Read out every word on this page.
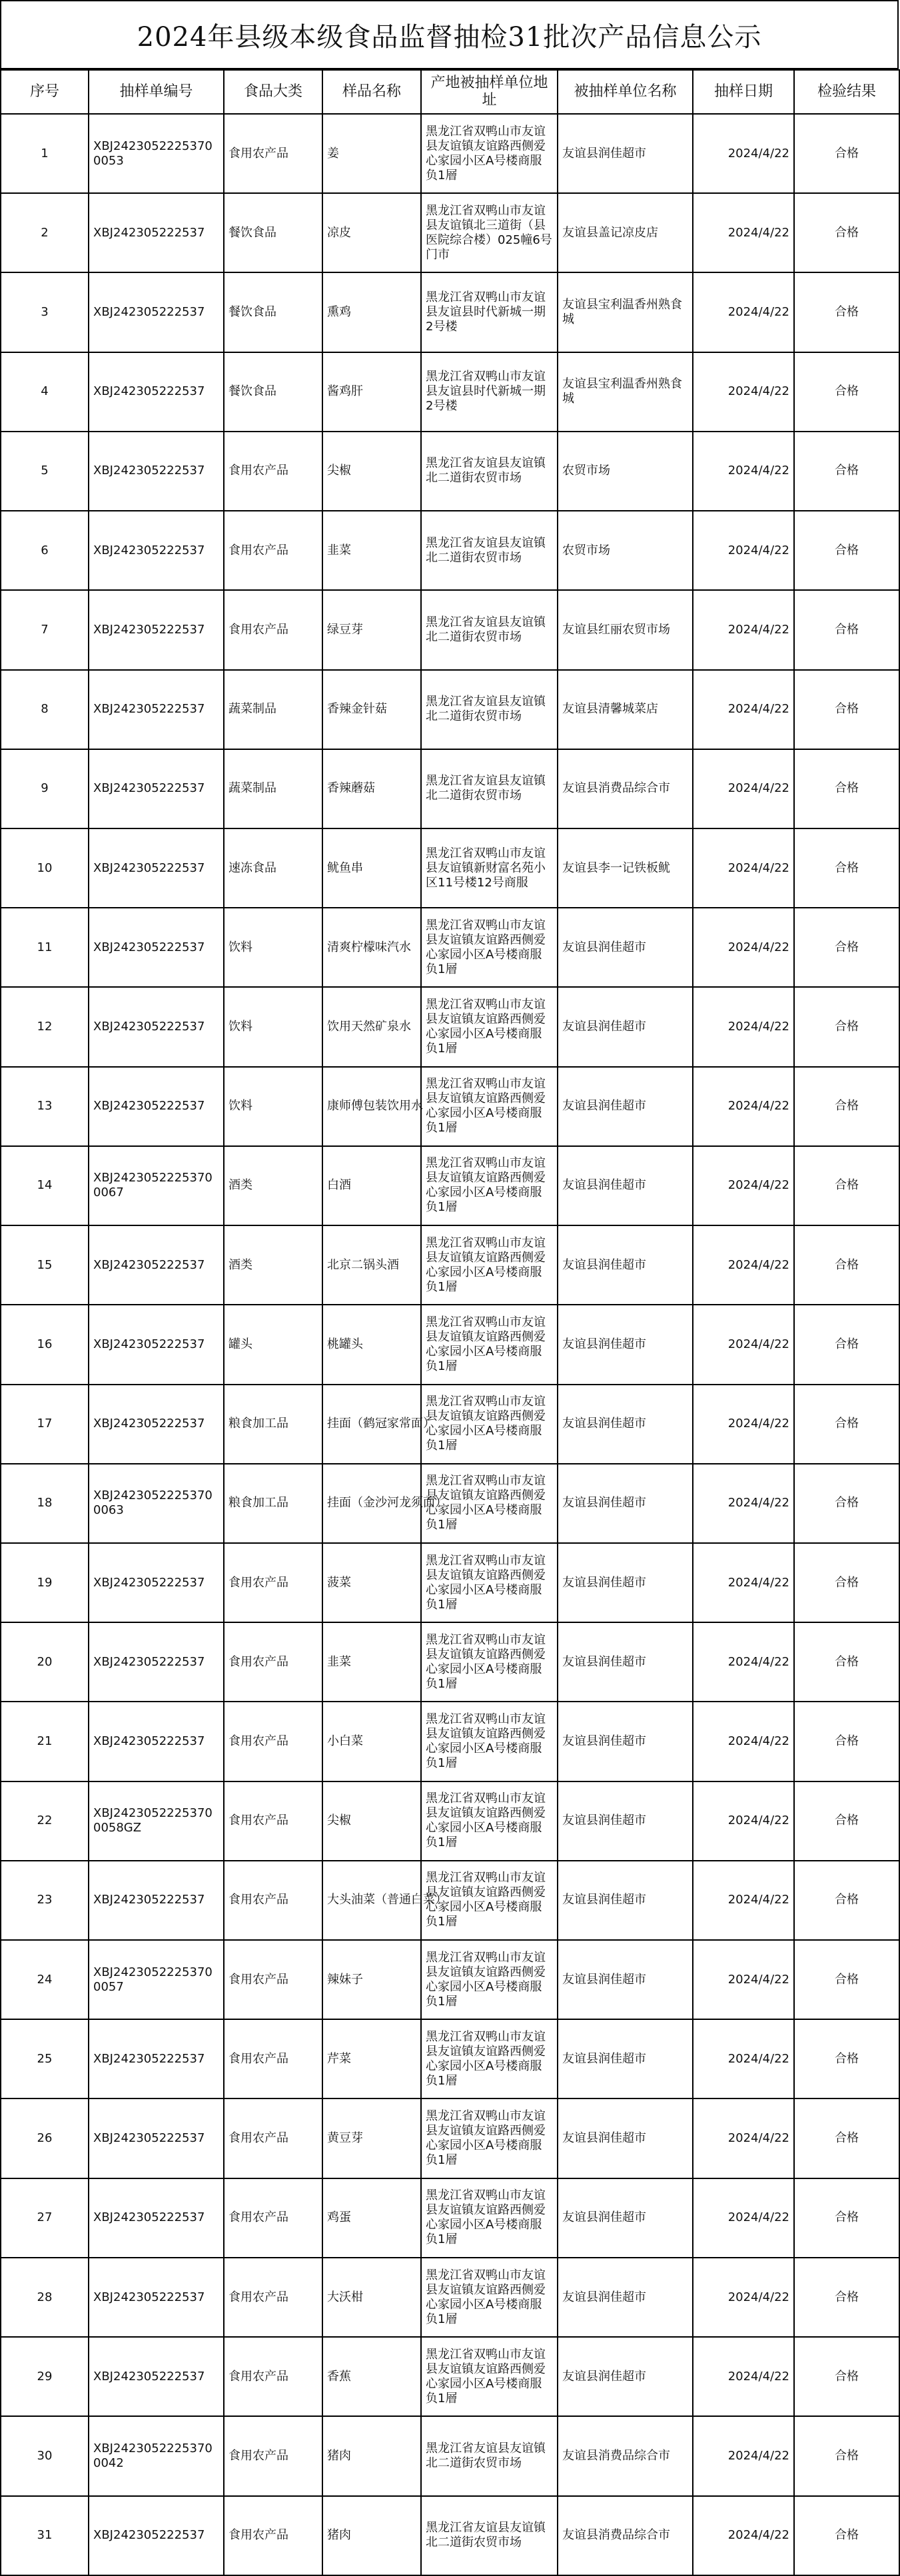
2024年县级本级食品监督抽检31批次产品信息公示
序号	抽样单编号	食品大类	样品名称	产地被抽样单位地址	被抽样单位名称	抽样日期	检验结果
1	XBJ2423052225370 0053	食用农产品	姜	黑龙江省双鸭山市友谊县友谊镇友谊路西侧爱心家园小区A号楼商服负1層	友谊县润佳超市	2024/4/22	合格
2	XBJ242305222537	餐饮食品	凉皮	黑龙江省双鸭山市友谊县友谊镇北三道街（县医院综合楼）025幢6号门市	友谊县盖记凉皮店	2024/4/22	合格
3	XBJ242305222537	餐饮食品	熏鸡	黑龙江省双鸭山市友谊县友谊县时代新城一期2号楼	友谊县宝利温香州熟食城	2024/4/22	合格
4	XBJ242305222537	餐饮食品	酱鸡肝	黑龙江省双鸭山市友谊县友谊县时代新城一期2号楼	友谊县宝利温香州熟食城	2024/4/22	合格
5	XBJ242305222537	食用农产品	尖椒	黑龙江省友谊县友谊镇北二道街农贸市场	农贸市场	2024/4/22	合格
6	XBJ242305222537	食用农产品	韭菜	黑龙江省友谊县友谊镇北二道街农贸市场	农贸市场	2024/4/22	合格
7	XBJ242305222537	食用农产品	绿豆芽	黑龙江省友谊县友谊镇北二道街农贸市场	友谊县红丽农贸市场	2024/4/22	合格
8	XBJ242305222537	蔬菜制品	香辣金针菇	黑龙江省友谊县友谊镇北二道街农贸市场	友谊县清馨城菜店	2024/4/22	合格
9	XBJ242305222537	蔬菜制品	香辣蘑菇	黑龙江省友谊县友谊镇北二道街农贸市场	友谊县消费品综合市	2024/4/22	合格
10	XBJ242305222537	速冻食品	鱿鱼串	黑龙江省双鸭山市友谊县友谊镇新财富名苑小区11号楼12号商服	友谊县李一记铁板鱿	2024/4/22	合格
11	XBJ242305222537	饮料	清爽柠檬味汽水	黑龙江省双鸭山市友谊县友谊镇友谊路西侧爱心家园小区A号楼商服负1層	友谊县润佳超市	2024/4/22	合格
12	XBJ242305222537	饮料	饮用天然矿泉水	黑龙江省双鸭山市友谊县友谊镇友谊路西侧爱心家园小区A号楼商服负1層	友谊县润佳超市	2024/4/22	合格
13	XBJ242305222537	饮料	康师傅包装饮用水	黑龙江省双鸭山市友谊县友谊镇友谊路西侧爱心家园小区A号楼商服负1層	友谊县润佳超市	2024/4/22	合格
14	XBJ2423052225370 0067	酒类	白酒	黑龙江省双鸭山市友谊县友谊镇友谊路西侧爱心家园小区A号楼商服负1層	友谊县润佳超市	2024/4/22	合格
15	XBJ242305222537	酒类	北京二锅头酒	黑龙江省双鸭山市友谊县友谊镇友谊路西侧爱心家园小区A号楼商服负1層	友谊县润佳超市	2024/4/22	合格
16	XBJ242305222537	罐头	桃罐头	黑龙江省双鸭山市友谊县友谊镇友谊路西侧爱心家园小区A号楼商服负1層	友谊县润佳超市	2024/4/22	合格
17	XBJ242305222537	粮食加工品	挂面（鹤冠家常面）	黑龙江省双鸭山市友谊县友谊镇友谊路西侧爱心家园小区A号楼商服负1層	友谊县润佳超市	2024/4/22	合格
18	XBJ2423052225370 0063	粮食加工品	挂面（金沙河龙须面）	黑龙江省双鸭山市友谊县友谊镇友谊路西侧爱心家园小区A号楼商服负1層	友谊县润佳超市	2024/4/22	合格
19	XBJ242305222537	食用农产品	菠菜	黑龙江省双鸭山市友谊县友谊镇友谊路西侧爱心家园小区A号楼商服负1層	友谊县润佳超市	2024/4/22	合格
20	XBJ242305222537	食用农产品	韭菜	黑龙江省双鸭山市友谊县友谊镇友谊路西侧爱心家园小区A号楼商服负1層	友谊县润佳超市	2024/4/22	合格
21	XBJ242305222537	食用农产品	小白菜	黑龙江省双鸭山市友谊县友谊镇友谊路西侧爱心家园小区A号楼商服负1層	友谊县润佳超市	2024/4/22	合格
22	XBJ2423052225370 0058GZ	食用农产品	尖椒	黑龙江省双鸭山市友谊县友谊镇友谊路西侧爱心家园小区A号楼商服负1層	友谊县润佳超市	2024/4/22	合格
23	XBJ242305222537	食用农产品	大头油菜（普通白菜）	黑龙江省双鸭山市友谊县友谊镇友谊路西侧爱心家园小区A号楼商服负1層	友谊县润佳超市	2024/4/22	合格
24	XBJ2423052225370 0057	食用农产品	辣妹子	黑龙江省双鸭山市友谊县友谊镇友谊路西侧爱心家园小区A号楼商服负1層	友谊县润佳超市	2024/4/22	合格
25	XBJ242305222537	食用农产品	芹菜	黑龙江省双鸭山市友谊县友谊镇友谊路西侧爱心家园小区A号楼商服负1層	友谊县润佳超市	2024/4/22	合格
26	XBJ242305222537	食用农产品	黄豆芽	黑龙江省双鸭山市友谊县友谊镇友谊路西侧爱心家园小区A号楼商服负1層	友谊县润佳超市	2024/4/22	合格
27	XBJ242305222537	食用农产品	鸡蛋	黑龙江省双鸭山市友谊县友谊镇友谊路西侧爱心家园小区A号楼商服负1層	友谊县润佳超市	2024/4/22	合格
28	XBJ242305222537	食用农产品	大沃柑	黑龙江省双鸭山市友谊县友谊镇友谊路西侧爱心家园小区A号楼商服负1層	友谊县润佳超市	2024/4/22	合格
29	XBJ242305222537	食用农产品	香蕉	黑龙江省双鸭山市友谊县友谊镇友谊路西侧爱心家园小区A号楼商服负1層	友谊县润佳超市	2024/4/22	合格
30	XBJ2423052225370 0042	食用农产品	猪肉	黑龙江省友谊县友谊镇北二道街农贸市场	友谊县消费品综合市	2024/4/22	合格
31	XBJ242305222537	食用农产品	猪肉	黑龙江省友谊县友谊镇北二道街农贸市场	友谊县消费品综合市	2024/4/22	合格
